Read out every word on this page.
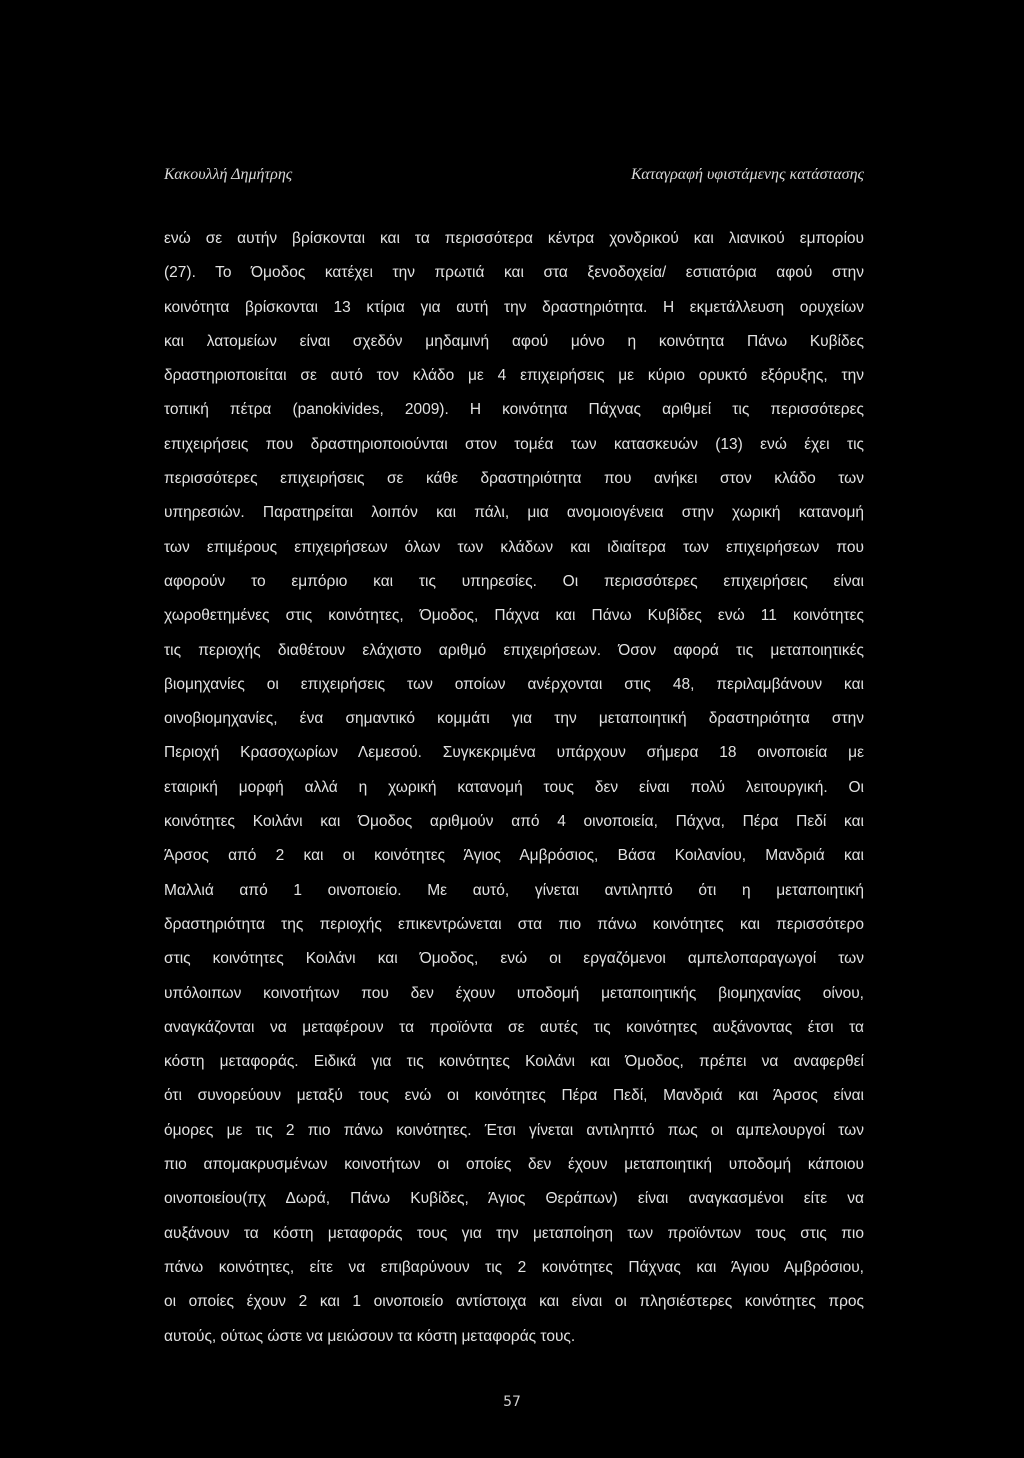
Κακουλλή Δημήτρης	Καταγραφή υφιστάμενης κατάστασης
ενώ σε αυτήν βρίσκονται και τα περισσότερα κέντρα χονδρικού και λιανικού εμπορίου
(27). Το Όμοδος κατέχει την πρωτιά και στα ξενοδοχεία/ εστιατόρια αφού στην
κοινότητα βρίσκονται 13 κτίρια για αυτή την δραστηριότητα. Η εκμετάλλευση ορυχείων
και λατομείων είναι σχεδόν μηδαμινή αφού μόνο η κοινότητα Πάνω Κυβίδες
δραστηριοποιείται σε αυτό τον κλάδο με 4 επιχειρήσεις με κύριο ορυκτό εξόρυξης, την
τοπική πέτρα (panokivides, 2009). Η κοινότητα Πάχνας αριθμεί τις περισσότερες
επιχειρήσεις που δραστηριοποιούνται στον τομέα των κατασκευών (13) ενώ έχει τις
περισσότερες επιχειρήσεις σε κάθε δραστηριότητα που ανήκει στον κλάδο των
υπηρεσιών. Παρατηρείται λοιπόν και πάλι, μια ανομοιογένεια στην χωρική κατανομή
των επιμέρους επιχειρήσεων όλων των κλάδων και ιδιαίτερα των επιχειρήσεων που
αφορούν το εμπόριο και τις υπηρεσίες. Οι περισσότερες επιχειρήσεις είναι
χωροθετημένες στις κοινότητες, Όμοδος, Πάχνα και Πάνω Κυβίδες ενώ 11 κοινότητες
τις περιοχής διαθέτουν ελάχιστο αριθμό επιχειρήσεων. Όσον αφορά τις μεταποιητικές
βιομηχανίες οι επιχειρήσεις των οποίων ανέρχονται στις 48, περιλαμβάνουν και
οινοβιομηχανίες, ένα σημαντικό κομμάτι για την μεταποιητική δραστηριότητα στην
Περιοχή Κρασοχωρίων Λεμεσού. Συγκεκριμένα υπάρχουν σήμερα 18 οινοποιεία με
εταιρική μορφή αλλά η χωρική κατανομή τους δεν είναι πολύ λειτουργική. Οι
κοινότητες Κοιλάνι και Όμοδος αριθμούν από 4 οινοποιεία, Πάχνα, Πέρα Πεδί και
Άρσος από 2 και οι κοινότητες Άγιος Αμβρόσιος, Βάσα Κοιλανίου, Μανδριά και
Μαλλιά από 1 οινοποιείο. Με αυτό, γίνεται αντιληπτό ότι η μεταποιητική
δραστηριότητα της περιοχής επικεντρώνεται στα πιο πάνω κοινότητες και περισσότερο
στις κοινότητες Κοιλάνι και Όμοδος, ενώ οι εργαζόμενοι αμπελοπαραγωγοί των
υπόλοιπων κοινοτήτων που δεν έχουν υποδομή μεταποιητικής βιομηχανίας οίνου,
αναγκάζονται να μεταφέρουν τα προϊόντα σε αυτές τις κοινότητες αυξάνοντας έτσι τα
κόστη μεταφοράς. Ειδικά για τις κοινότητες Κοιλάνι και Όμοδος, πρέπει να αναφερθεί
ότι συνορεύουν μεταξύ τους ενώ οι κοινότητες Πέρα Πεδί, Μανδριά και Άρσος είναι
όμορες με τις 2 πιο πάνω κοινότητες. Έτσι γίνεται αντιληπτό πως οι αμπελουργοί των
πιο απομακρυσμένων κοινοτήτων οι οποίες δεν έχουν μεταποιητική υποδομή κάποιου
οινοποιείου(πχ Δωρά, Πάνω Κυβίδες, Άγιος Θεράπων) είναι αναγκασμένοι είτε να
αυξάνουν τα κόστη μεταφοράς τους για την μεταποίηση των προϊόντων τους στις πιο
πάνω κοινότητες, είτε να επιβαρύνουν τις 2 κοινότητες Πάχνας και Άγιου Αμβρόσιου,
οι οποίες έχουν 2 και 1 οινοποιείο αντίστοιχα και είναι οι πλησιέστερες κοινότητες προς
αυτούς, ούτως ώστε να μειώσουν τα κόστη μεταφοράς τους.
57
